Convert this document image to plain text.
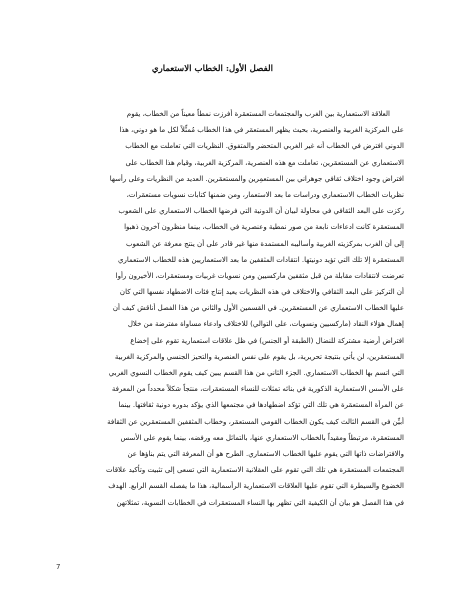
الفصل الأول: الخطاب الاستعماري
العلاقة الاستعمارية بين الغرب والمجتمعات المستعمَرة أفرزت نمطاً معيناً من الخطاب، يقوم
على المركزية الغربية والعنصرية، بحيث يظهر المستعمَر في هذا الخطاب مُمثِّلاً لكل ما هو دوني، هذا
الدوني افترض في الخطاب أنه غير الغربي المتحضر والمتفوق. النظريات التي تعاملت مع الخطاب
الاستعماري عن المستعمَرين، تعاملت مع هذه العنصرية، المركزية الغربية، وقيام هذا الخطاب على
افتراض وجود اختلاف ثقافي جوهراني بين المستعمِرين والمستعمَرين. العديد من النظريات وعلى رأسها
نظريات الخطاب الاستعماري ودراسات ما بعد الاستعمار، ومن ضمنها كتابات نسويات مستعمَرات،
ركزت على البعد الثقافي في محاولة لبيان أن الدونية التي فرضها الخطاب الاستعماري على الشعوب
المستعمَرة كانت ادعاءات نابعة من صور نمطية وعنصرية في الخطاب، بينما منظرون آخرون ذهبوا
إلى أن الغرب بمركزيته الغربية وأساليبه المستمدة منها غير قادر على أن ينتج معرفة عن الشعوب
المستعمَرة إلا تلك التي تؤيد دونيتها. انتقادات المثقفين ما بعد الاستعماريين هذه للخطاب الاستعماري
تعرضت لانتقادات مقابلة من قبل مثقفين ماركسيين ومن نسويات غربيات ومستعمَرات، الأخيرون رأوا
أن التركيز على البعد الثقافي والاختلاف في هذه النظريات يعيد إنتاج فئات الاضطهاد نفسها التي كان
عليها الخطاب الاستعماري عن المستعمَرين. في القسمين الأول والثاني من هذا الفصل أناقش كيف أن
إهمال هؤلاء النقاد (ماركسيين ونسويات، على التوالي) للاختلاف وادعاء مساواة مفترضة من خلال
افتراض أرضية مشتركة للنضال (الطبقة أو الجنس) في ظل علاقات استعمارية تقوم على إخضاع
المستعمَرين، لن يأتي بنتيجة تحريرية، بل يقوم على نفس العنصرية والتحيز الجنسي والمركزية الغربية
التي اتسم بها الخطاب الاستعماري. الجزء الثاني من هذا القسم يبين كيف يقوم الخطاب النسوي الغربي
على الأسس الاستعمارية الذكورية في بنائه تمثلات للنساء المستعمَرات، منتجاً شكلاً محدداً من المعرفة
عن المرأة المستعمَرة هي تلك التي تؤكد اضطهادها في مجتمعها الذي يؤكد بدوره دونية ثقافتها. بينما
أبيِّن في القسم الثالث كيف يكون الخطاب القومي المستعمَر، وخطاب المثقفين المستعمَرين عن الثقافة
المستعمَرة، مرتبطاً ومقيداً بالخطاب الاستعماري عنها، بالتماثل معه ورفضه، بينما يقوم على الأسس
والافتراضات ذاتها التي يقوم عليها الخطاب الاستعماري. الطرح هو أن المعرفة التي يتم بناؤها عن
المجتمعات المستعمَرة هي تلك التي تقوم على العقلانية الاستعمارية التي تسعى إلى تثبيت وتأكيد علاقات
الخضوع والسيطرة التي تقوم عليها العلاقات الاستعمارية الرأسمالية، هذا ما يفصله القسم الرابع. الهدف
في هذا الفصل هو بيان أن الكيفية التي تظهر بها النساء المستعمَرات في الخطابات النسوية، تمثلاتهن
7
